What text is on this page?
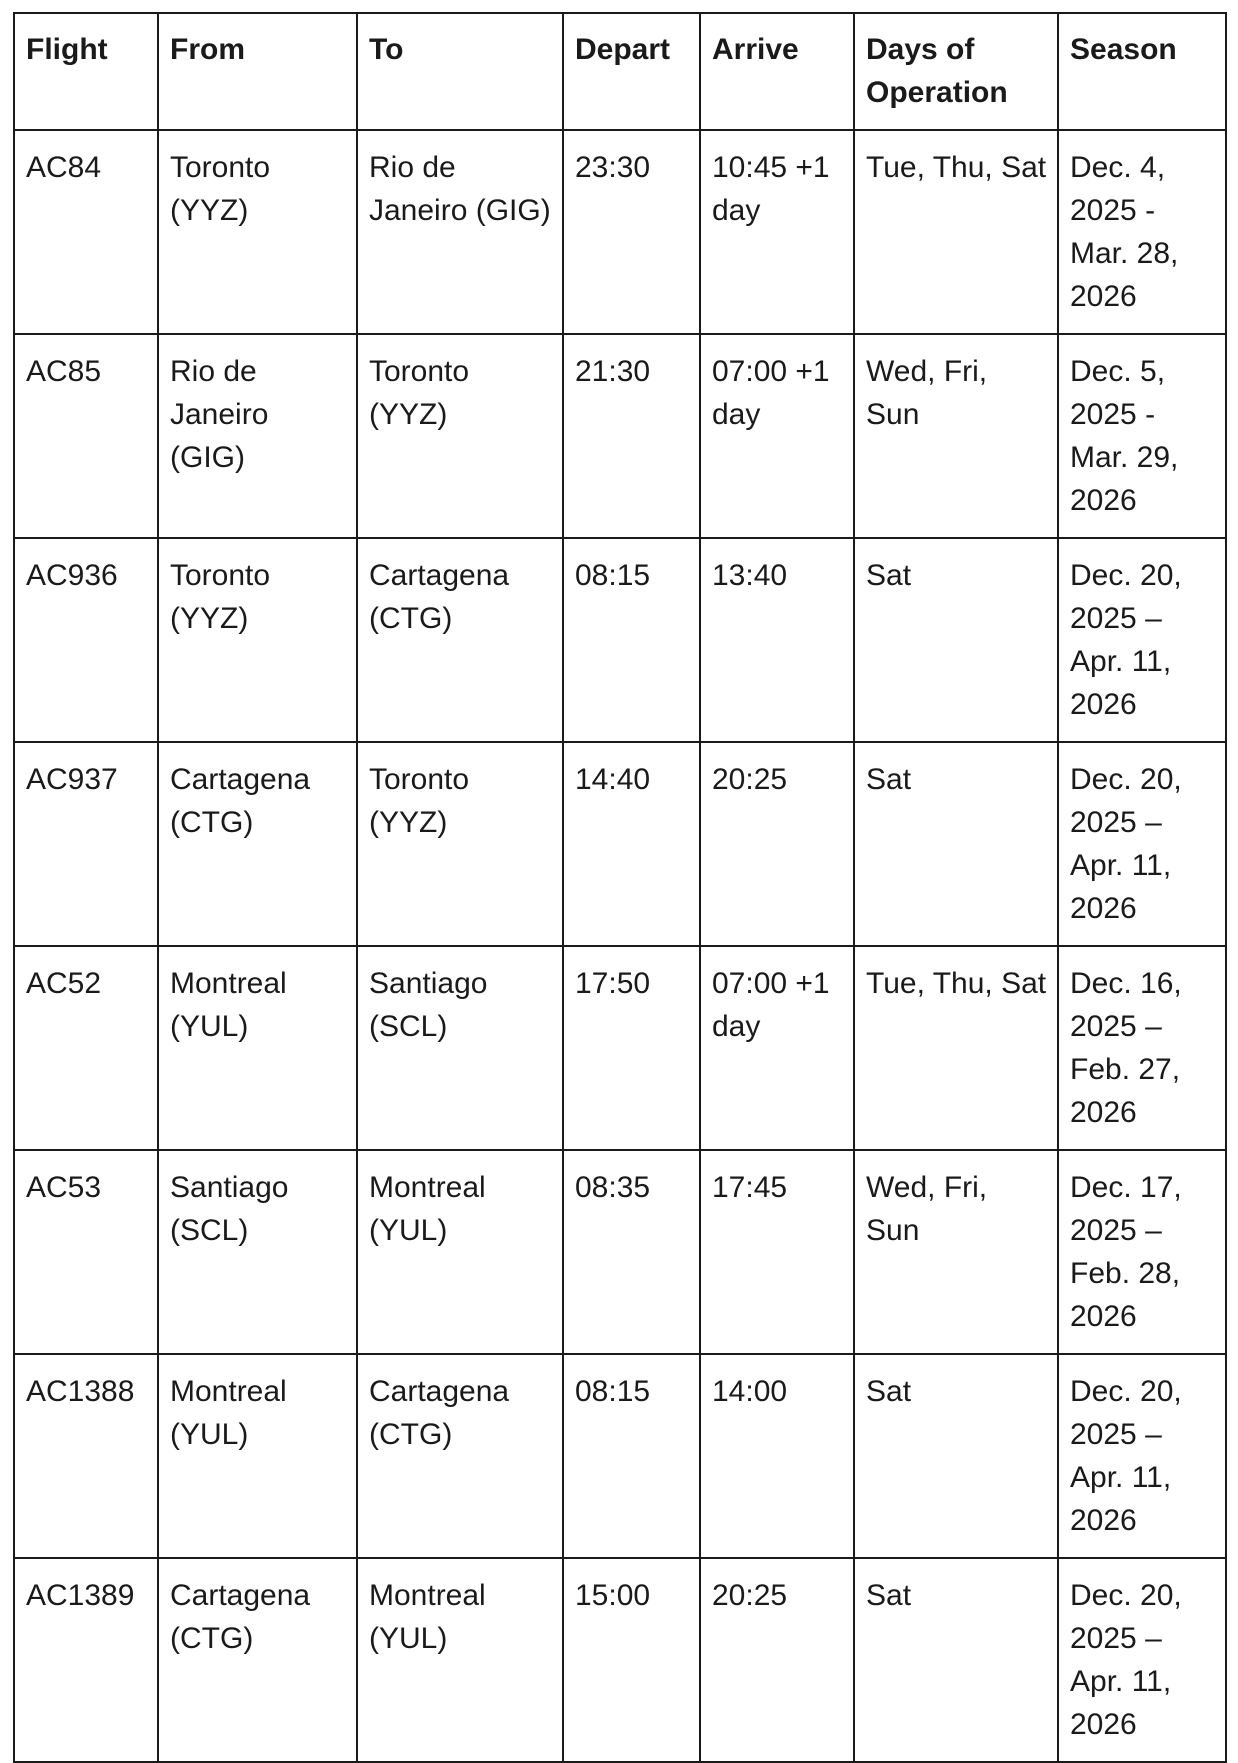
Flight	From	To	Depart	Arrive	Days of Operation	Season
AC84	Toronto (YYZ)	Rio de Janeiro (GIG)	23:30	10:45 +1 day	Tue, Thu, Sat	Dec. 4, 2025 - Mar. 28, 2026
AC85	Rio de Janeiro (GIG)	Toronto (YYZ)	21:30	07:00 +1 day	Wed, Fri, Sun	Dec. 5, 2025 - Mar. 29, 2026
AC936	Toronto (YYZ)	Cartagena (CTG)	08:15	13:40	Sat	Dec. 20, 2025 – Apr. 11, 2026
AC937	Cartagena (CTG)	Toronto (YYZ)	14:40	20:25	Sat	Dec. 20, 2025 – Apr. 11, 2026
AC52	Montreal (YUL)	Santiago (SCL)	17:50	07:00 +1 day	Tue, Thu, Sat	Dec. 16, 2025 – Feb. 27, 2026
AC53	Santiago (SCL)	Montreal (YUL)	08:35	17:45	Wed, Fri, Sun	Dec. 17, 2025 – Feb. 28, 2026
AC1388	Montreal (YUL)	Cartagena (CTG)	08:15	14:00	Sat	Dec. 20, 2025 – Apr. 11, 2026
AC1389	Cartagena (CTG)	Montreal (YUL)	15:00	20:25	Sat	Dec. 20, 2025 – Apr. 11, 2026
